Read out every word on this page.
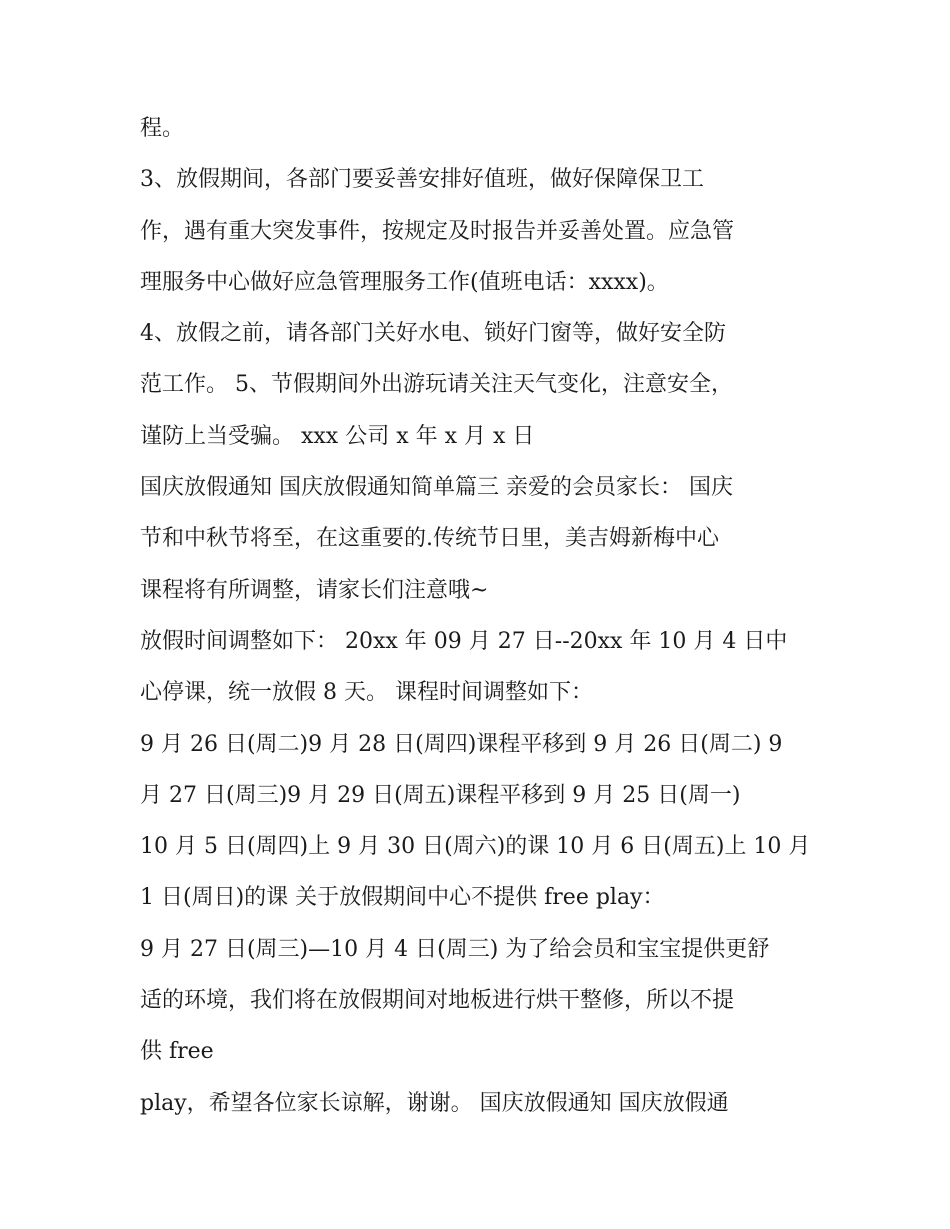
程。
3、放假期间，各部门要妥善安排好值班，做好保障保卫工
作，遇有重大突发事件，按规定及时报告并妥善处置。应急管
理服务中心做好应急管理服务工作(值班电话：xxxx)。
4、放假之前，请各部门关好水电、锁好门窗等，做好安全防
范工作。 5、节假期间外出游玩请关注天气变化，注意安全，
谨防上当受骗。 xxx 公司 x 年 x 月 x 日
国庆放假通知 国庆放假通知简单篇三 亲爱的会员家长： 国庆
节和中秋节将至，在这重要的.传统节日里，美吉姆新梅中心
课程将有所调整，请家长们注意哦~
放假时间调整如下： 20xx 年 09 月 27 日--20xx 年 10 月 4 日中
心停课，统一放假 8 天。 课程时间调整如下：
9 月 26 日(周二)9 月 28 日(周四)课程平移到 9 月 26 日(周二) 9
月 27 日(周三)9 月 29 日(周五)课程平移到 9 月 25 日(周一)
10 月 5 日(周四)上 9 月 30 日(周六)的课 10 月 6 日(周五)上 10 月
1 日(周日)的课 关于放假期间中心不提供 free play：
9 月 27 日(周三)—10 月 4 日(周三) 为了给会员和宝宝提供更舒
适的环境，我们将在放假期间对地板进行烘干整修，所以不提
供 free
play，希望各位家长谅解，谢谢。 国庆放假通知 国庆放假通
